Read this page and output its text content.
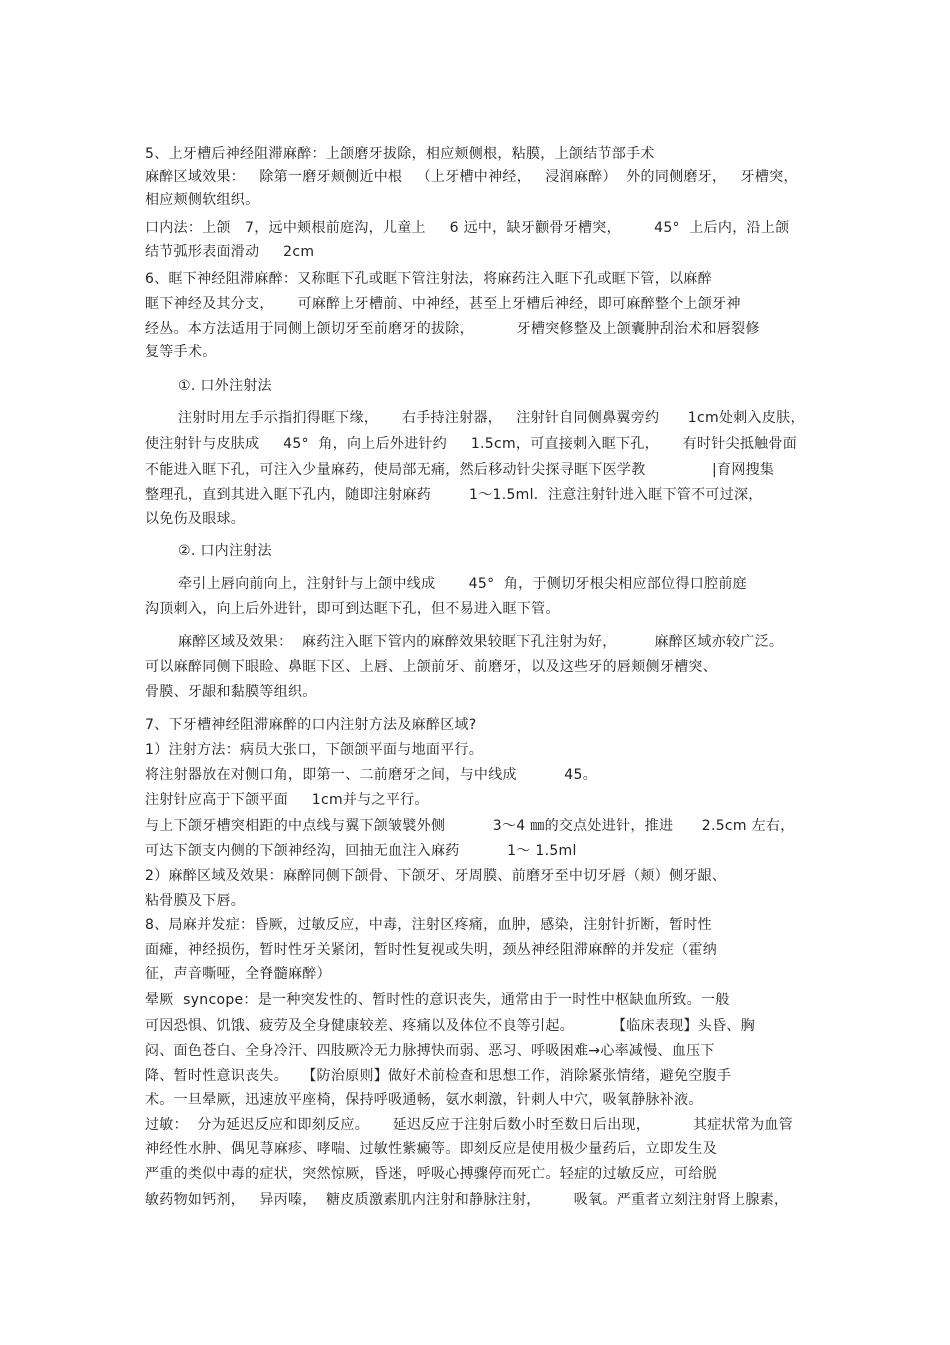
5、上牙槽后神经阻滞麻醉：上颌磨牙拔除，相应颊侧根，粘膜，上颌结节部手术
麻醉区域效果：   除第一磨牙颊侧近中根   （上牙槽中神经，   浸润麻醉）  外的同侧磨牙，   牙槽突，
相应颊侧软组织。
口内法：上颌   7，远中颊根前庭沟，儿童上     6 远中，缺牙颧骨牙槽突，       45°  上后内，沿上颌
结节弧形表面滑动     2cm
6、眶下神经阻滞麻醉：又称眶下孔或眶下管注射法，将麻药注入眶下孔或眶下管，以麻醉
眶下神经及其分支，     可麻醉上牙槽前、中神经，甚至上牙槽后神经，即可麻醉整个上颌牙神
经丛。本方法适用于同侧上颌切牙至前磨牙的拔除，         牙槽突修整及上颌囊肿刮治术和唇裂修
复等手术。
①. 口外注射法
注射时用左手示指扪得眶下缘，     右手持注射器，   注射针自同侧鼻翼旁约      1cm处刺入皮肤，
使注射针与皮肤成     45°  角，向上后外进针约     1.5cm，可直接刺入眶下孔，     有时针尖抵触骨面
不能进入眶下孔，可注入少量麻药，使局部无痛，然后移动针尖探寻眶下医学教              |育网搜集
整理孔，直到其进入眶下孔内，随即注射麻药        1～1.5ml．注意注射针进入眶下管不可过深，
以免伤及眼球。
②. 口内注射法
牵引上唇向前向上，注射针与上颌中线成       45°  角，于侧切牙根尖相应部位得口腔前庭
沟顶刺入，向上后外进针，即可到达眶下孔，但不易进入眶下管。
麻醉区域及效果：  麻药注入眶下管内的麻醉效果较眶下孔注射为好，        麻醉区域亦较广泛。
可以麻醉同侧下眼睑、鼻眶下区、上唇、上颌前牙、前磨牙，以及这些牙的唇颊侧牙槽突、
骨膜、牙龈和黏膜等组织。
7、下牙槽神经阻滞麻醉的口内注射方法及麻醉区域?
1）注射方法：病员大张口，下颌颌平面与地面平行。
将注射器放在对侧口角，即第一、二前磨牙之间，与中线成          45。
注射针应高于下颌平面     1cm并与之平行。
与上下颌牙槽突相距的中点线与翼下颌皱襞外侧          3～4 ㎜的交点处进针，推进      2.5cm 左右，
可达下颌支内侧的下颌神经沟，回抽无血注入麻药          1～ 1.5ml
2）麻醉区域及效果：麻醉同侧下颌骨、下颌牙、牙周膜、前磨牙至中切牙唇（颊）侧牙龈、
粘骨膜及下唇。
8、局麻并发症：昏厥，过敏反应，中毒，注射区疼痛，血肿，感染，注射针折断，暂时性
面瘫，神经损伤，暂时性牙关紧闭，暂时性复视或失明，颈丛神经阻滞麻醉的并发症（霍纳
征，声音嘶哑，全脊髓麻醉）
晕厥  syncope：是一种突发性的、暂时性的意识丧失，通常由于一时性中枢缺血所致。一般
可因恐惧、饥饿、疲劳及全身健康较差、疼痛以及体位不良等引起。        【临床表现】头昏、胸
闷、面色苍白、全身冷汗、四肢厥冷无力脉搏快而弱、恶习、呼吸困难→心率减慢、血压下
降、暂时性意识丧失。   【防治原则】做好术前检查和思想工作，消除紧张情绪，避免空腹手
术。一旦晕厥，迅速放平座椅，保持呼吸通畅，氨水刺激，针刺人中穴，吸氧静脉补液。
过敏：  分为延迟反应和即刻反应。     延迟反应于注射后数小时至数日后出现，         其症状常为血管
神经性水肿、偶见荨麻疹、哮喘、过敏性紫癜等。即刻反应是使用极少量药后，立即发生及
严重的类似中毒的症状，突然惊厥，昏迷，呼吸心搏骤停而死亡。轻症的过敏反应，可给脱
敏药物如钙剂，   异丙嗪，  糖皮质激素肌内注射和静脉注射，       吸氧。严重者立刻注射肾上腺素，
